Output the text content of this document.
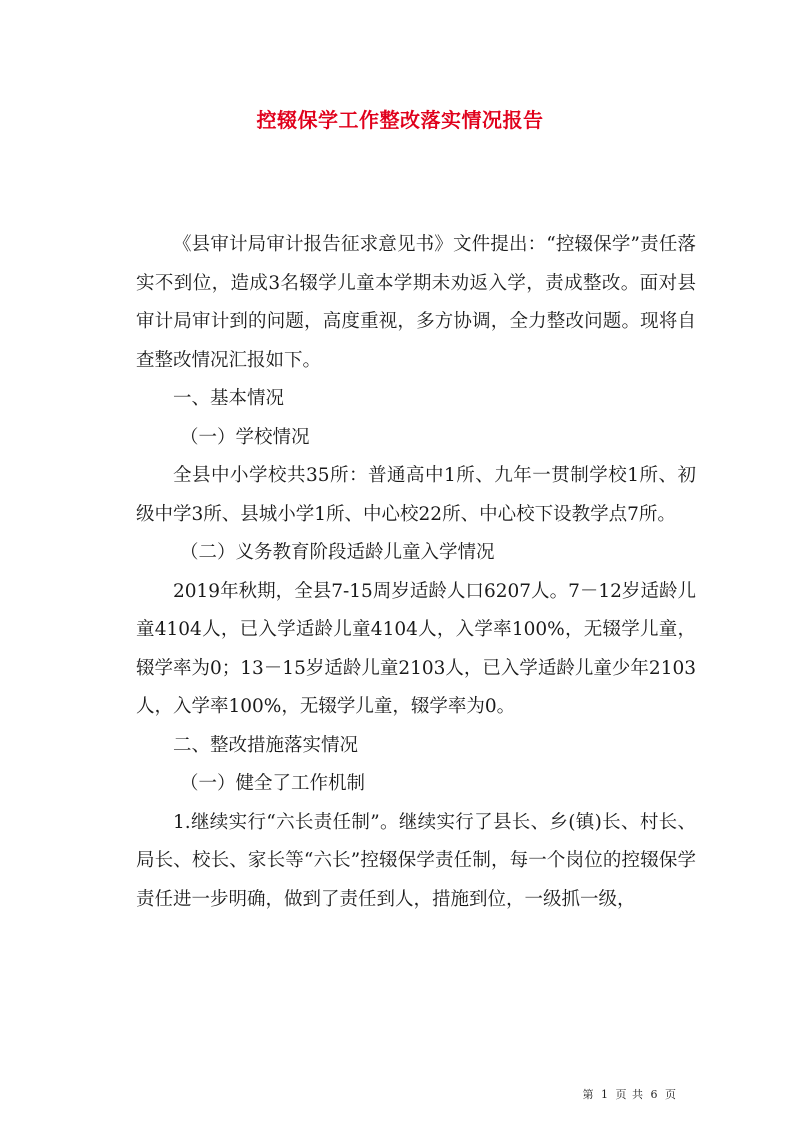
控辍保学工作整改落实情况报告

《县审计局审计报告征求意见书》文件提出：“控辍保学”责任落实不到位，造成3名辍学儿童本学期未劝返入学，责成整改。面对县审计局审计到的问题，高度重视，多方协调，全力整改问题。现将自查整改情况汇报如下。

一、基本情况

（一）学校情况

全县中小学校共35所：普通高中1所、九年一贯制学校1所、初级中学3所、县城小学1所、中心校22所、中心校下设教学点7所。

（二）义务教育阶段适龄儿童入学情况

2019年秋期，全县7-15周岁适龄人口6207人。7－12岁适龄儿童4104人，已入学适龄儿童4104人，入学率100%，无辍学儿童，辍学率为0；13－15岁适龄儿童2103人，已入学适龄儿童少年2103人，入学率100%，无辍学儿童，辍学率为0。

二、整改措施落实情况

（一）健全了工作机制

1.继续实行“六长责任制”。继续实行了县长、乡(镇)长、村长、局长、校长、家长等“六长”控辍保学责任制，每一个岗位的控辍保学责任进一步明确，做到了责任到人，措施到位，一级抓一级，

第 1 页 共 6 页
